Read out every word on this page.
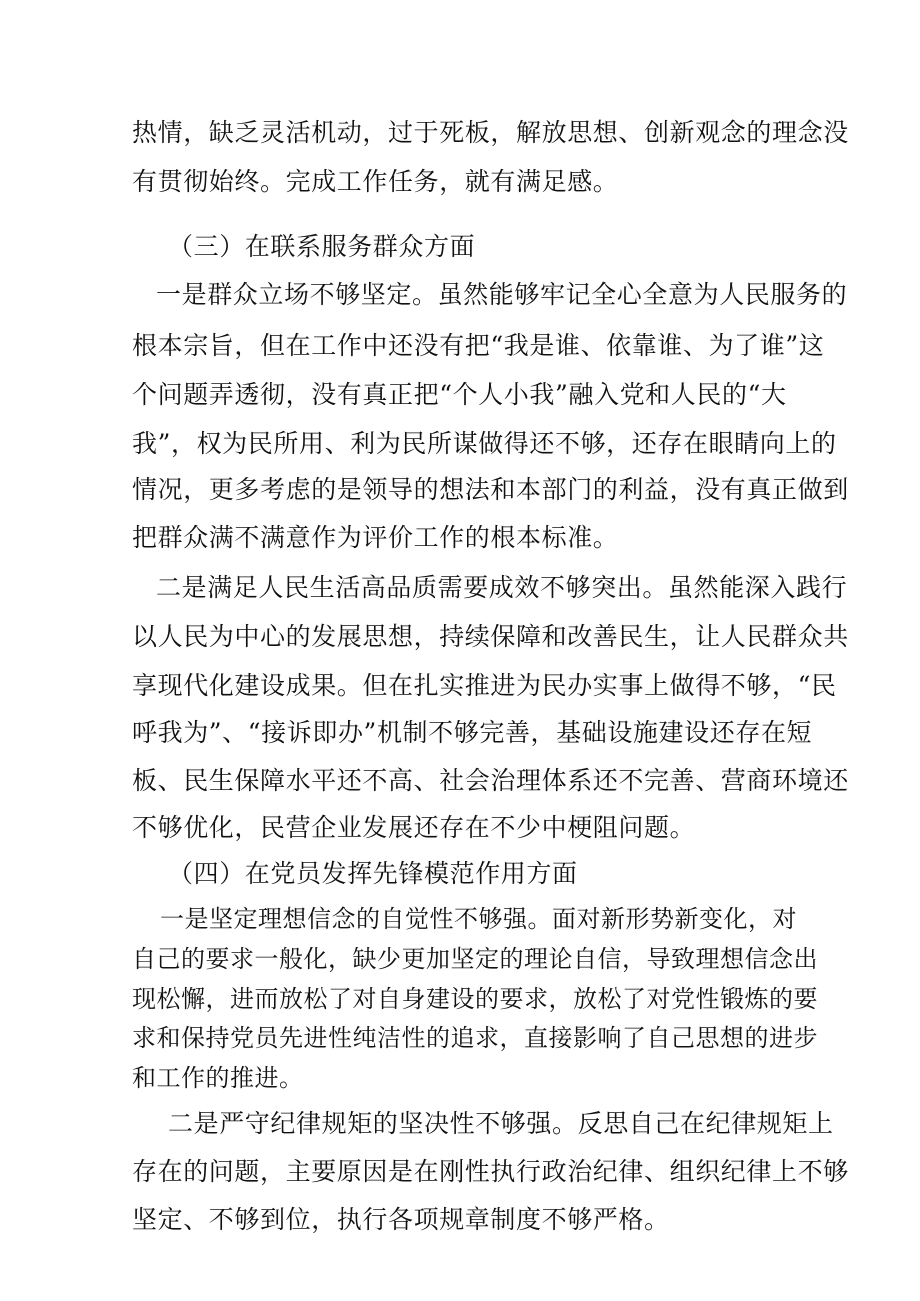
热情，缺乏灵活机动，过于死板，解放思想、创新观念的理念没
有贯彻始终。完成工作任务，就有满足感。
（三）在联系服务群众方面
一是群众立场不够坚定。虽然能够牢记全心全意为人民服务的
根本宗旨，但在工作中还没有把“我是谁、依靠谁、为了谁”这
个问题弄透彻，没有真正把“个人小我”融入党和人民的“大
我”，权为民所用、利为民所谋做得还不够，还存在眼睛向上的
情况，更多考虑的是领导的想法和本部门的利益，没有真正做到
把群众满不满意作为评价工作的根本标准。
二是满足人民生活高品质需要成效不够突出。虽然能深入践行
以人民为中心的发展思想，持续保障和改善民生，让人民群众共
享现代化建设成果。但在扎实推进为民办实事上做得不够，“民
呼我为”、“接诉即办”机制不够完善，基础设施建设还存在短
板、民生保障水平还不高、社会治理体系还不完善、营商环境还
不够优化，民营企业发展还存在不少中梗阻问题。
（四）在党员发挥先锋模范作用方面
一是坚定理想信念的自觉性不够强。面对新形势新变化，对
自己的要求一般化，缺少更加坚定的理论自信，导致理想信念出
现松懈，进而放松了对自身建设的要求，放松了对党性锻炼的要
求和保持党员先进性纯洁性的追求，直接影响了自己思想的进步
和工作的推进。
二是严守纪律规矩的坚决性不够强。反思自己在纪律规矩上
存在的问题，主要原因是在刚性执行政治纪律、组织纪律上不够
坚定、不够到位，执行各项规章制度不够严格。
